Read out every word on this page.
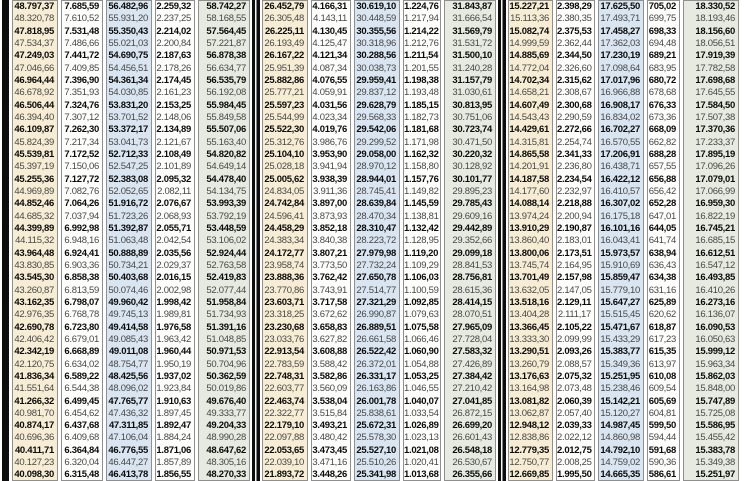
48.797,37
48.320,78
47.818,95
47.534,37
47.249,03
47.046,66
46.964,44
46.678,92
46.506,44
46.394,40
46.109,87
45.824,39
45.539,81
45.397,19
45.255,36
44.969,89
44.852,46
44.685,32
44.399,89
44.115,32
43.964,48
43.830,85
43.545,30
43.260,87
43.162,35
42.976,35
42.690,78
42.406,42
42.342,19
42.120,75
41.836,34
41.551,64
41.266,32
40.981,70
40.874,17
40.696,36
40.411,71
40.127,23
40.098,30
7.685,59
7.610,52
7.531,48
7.486,66
7.441,72
7.409,85
7.396,90
7.351,93
7.324,76
7.307,12
7.262,30
7.217,34
7.172,52
7.150,06
7.127,72
7.082,76
7.064,26
7.037,94
6.992,98
6.948,16
6.924,41
6.903,36
6.858,38
6.813,59
6.798,07
6.768,78
6.723,80
6.679,01
6.668,89
6.634,02
6.589,22
6.544,38
6.499,45
6.454,62
6.437,68
6.409,68
6.364,84
6.320,04
6.315,48
56.482,96
55.931,20
55.350,43
55.021,03
54.690,75
54.456,51
54.361,34
54.030,85
53.831,20
53.701,52
53.372,17
53.041,73
52.712,33
52.547,25
52.383,08
52.052,65
51.916,72
51.723,26
51.392,87
51.063,48
50.888,89
50.734,21
50.403,68
50.074,46
49.960,42
49.745,13
49.414,58
49.085,43
49.011,08
48.754,77
48.425,56
48.096,02
47.765,77
47.436,32
47.311,85
47.106,04
46.776,55
46.447,27
46.413,78
2.259,32
2.237,25
2.214,02
2.200,84
2.187,63
2.178,26
2.174,45
2.161,23
2.153,25
2.148,06
2.134,89
2.121,67
2.108,49
2.101,89
2.095,32
2.082,11
2.076,67
2.068,93
2.055,71
2.042,54
2.035,56
2.029,37
2.016,15
2.002,98
1.998,42
1.989,81
1.976,58
1.963,42
1.960,44
1.950,19
1.937,02
1.923,84
1.910,63
1.897,45
1.892,47
1.884,24
1.871,06
1.857,89
1.856,55
58.742,27
58.168,55
57.564,45
57.221,87
56.878,38
56.634,77
56.535,79
56.192,08
55.984,45
55.849,58
55.507,06
55.163,40
54.820,82
54.649,14
54.478,40
54.134,75
53.993,39
53.792,19
53.448,59
53.106,02
52.924,44
52.763,58
52.419,83
52.077,44
51.958,84
51.734,93
51.391,16
51.048,85
50.971,53
50.704,96
50.362,59
50.019,86
49.676,40
49.333,77
49.204,33
48.990,28
48.647,62
48.305,16
48.270,33
26.452,79
26.305,48
26.225,11
26.193,49
26.167,22
25.951,39
25.882,86
25.777,21
25.597,23
25.544,99
25.522,30
25.312,76
25.104,10
25.028,18
25.005,62
24.834,05
24.742,84
24.596,41
24.458,29
24.383,34
24.172,77
23.958,74
23.888,36
23.770,86
23.603,71
23.318,25
23.230,68
23.033,76
22.913,54
22.783,59
22.748,31
22.603,77
22.463,74
22.322,77
22.179,10
22.097,88
22.053,65
22.039,10
21.893,72
4.166,31
4.143,11
4.130,45
4.125,47
4.121,34
4.087,34
4.076,55
4.059,91
4.031,56
4.023,34
4.019,76
3.986,76
3.953,90
3.941,94
3.938,39
3.911,36
3.897,00
3.873,93
3.852,18
3.840,38
3.807,21
3.773,50
3.762,42
3.743,91
3.717,58
3.672,62
3.658,83
3.627,82
3.608,88
3.588,42
3.582,86
3.560,09
3.538,04
3.515,84
3.493,21
3.480,42
3.473,45
3.471,16
3.448,26
30.619,10
30.448,59
30.355,56
30.318,96
30.288,56
30.038,73
29.959,41
29.837,12
29.628,79
29.568,33
29.542,06
29.299,52
29.058,00
28.970,12
28.944,01
28.745,41
28.639,84
28.470,34
28.310,47
28.223,72
27.979,98
27.732,24
27.650,78
27.514,77
27.321,29
26.990,87
26.889,51
26.661,58
26.522,42
26.372,01
26.331,17
26.163,86
26.001,78
25.838,61
25.672,31
25.578,30
25.527,10
25.510,26
25.341,98
1.224,76
1.217,94
1.214,22
1.212,76
1.211,54
1.201,55
1.198,38
1.193,48
1.185,15
1.182,73
1.181,68
1.171,98
1.162,32
1.158,80
1.157,76
1.149,82
1.145,59
1.138,81
1.132,42
1.128,95
1.119,20
1.109,29
1.106,03
1.100,59
1.092,85
1.079,63
1.075,58
1.066,46
1.060,90
1.054,88
1.053,25
1.046,55
1.040,07
1.033,54
1.026,89
1.023,13
1.021,08
1.020,41
1.013,68
31.843,87
31.666,54
31.569,79
31.531,72
31.500,10
31.240,28
31.157,79
31.030,61
30.813,95
30.751,06
30.723,74
30.471,50
30.220,32
30.128,92
30.101,77
29.895,23
29.785,43
29.609,16
29.442,89
29.352,66
29.099,18
28.841,53
28.756,81
28.615,36
28.414,15
28.070,51
27.965,09
27.728,04
27.583,32
27.426,89
27.384,42
27.210,42
27.041,85
26.872,15
26.699,20
26.601,43
26.548,18
26.530,67
26.355,66
15.227,21
15.113,36
15.082,74
14.999,59
14.885,69
14.772,04
14.702,34
14.658,21
14.607,49
14.543,43
14.429,61
14.315,81
14.865,58
14.201,91
14.187,58
14.177,60
14.088,14
13.974,24
13.910,29
13.860,40
13.800,06
13.745,74
13.701,49
13.632,05
13.518,16
13.404,28
13.366,45
13.333,30
13.290,51
13.260,79
13.176,63
13.164,98
13.081,82
13.062,87
12.948,12
12.838,86
12.779,35
12.750,77
12.669,85
2.398,29
2.380,35
2.375,53
2.362,44
2.344,50
2.326,60
2.315,62
2.308,67
2.300,68
2.290,59
2.272,66
2.254,74
2.341,33
2.236,80
2.234,54
2.232,97
2.218,88
2.200,94
2.190,87
2.183,01
2.173,51
2.164,95
2.157,98
2.147,05
2.129,11
2.111,17
2.105,22
2.099,99
2.093,26
2.088,57
2.075,32
2.073,48
2.060,39
2.057,40
2.039,33
2.022,12
2.012,75
2.008,25
1.995,50
17.625,50
17.493,71
17.458,27
17.362,03
17.230,19
17.098,64
17.017,96
16.966,88
16.908,17
16.834,02
16.702,27
16.570,55
17.206,91
16.438,71
16.422,12
16.410,57
16.307,02
16.175,18
16.101,16
16.043,41
15.973,57
15.910,69
15.859,47
15.779,10
15.647,27
15.515,45
15.471,67
15.433,29
15.383,77
15.349,36
15.251,95
15.238,46
15.142,21
15.120,27
14.987,45
14.860,98
14.792,10
14.759,02
14.665,35
705,02
699,75
698,33
694,48
689,21
683,95
680,72
678,68
676,33
673,36
668,09
662,82
688,28
657,55
656,88
656,42
652,28
647,01
644,05
641,74
638,94
636,43
634,38
631,16
625,89
620,62
618,87
617,23
615,35
613,97
610,08
609,54
605,69
604,81
599,50
594,44
591,68
590,36
586,61
18.330,52
18.193,46
18.156,60
18.056,51
17.919,39
17.782,58
17.698,68
17.645,55
17.584,50
17.507,38
17.370,36
17.233,37
17.895,19
17.096,26
17.079,01
17.066,99
16.959,30
16.822,19
16.745,21
16.685,15
16.612,51
16.547,12
16.493,85
16.410,26
16.273,16
16.136,07
16.090,53
16.050,63
15.999,12
15.963,34
15.862,03
15.848,00
15.747,89
15.725,08
15.586,95
15.455,42
15.383,78
15.349,38
15.251,97
